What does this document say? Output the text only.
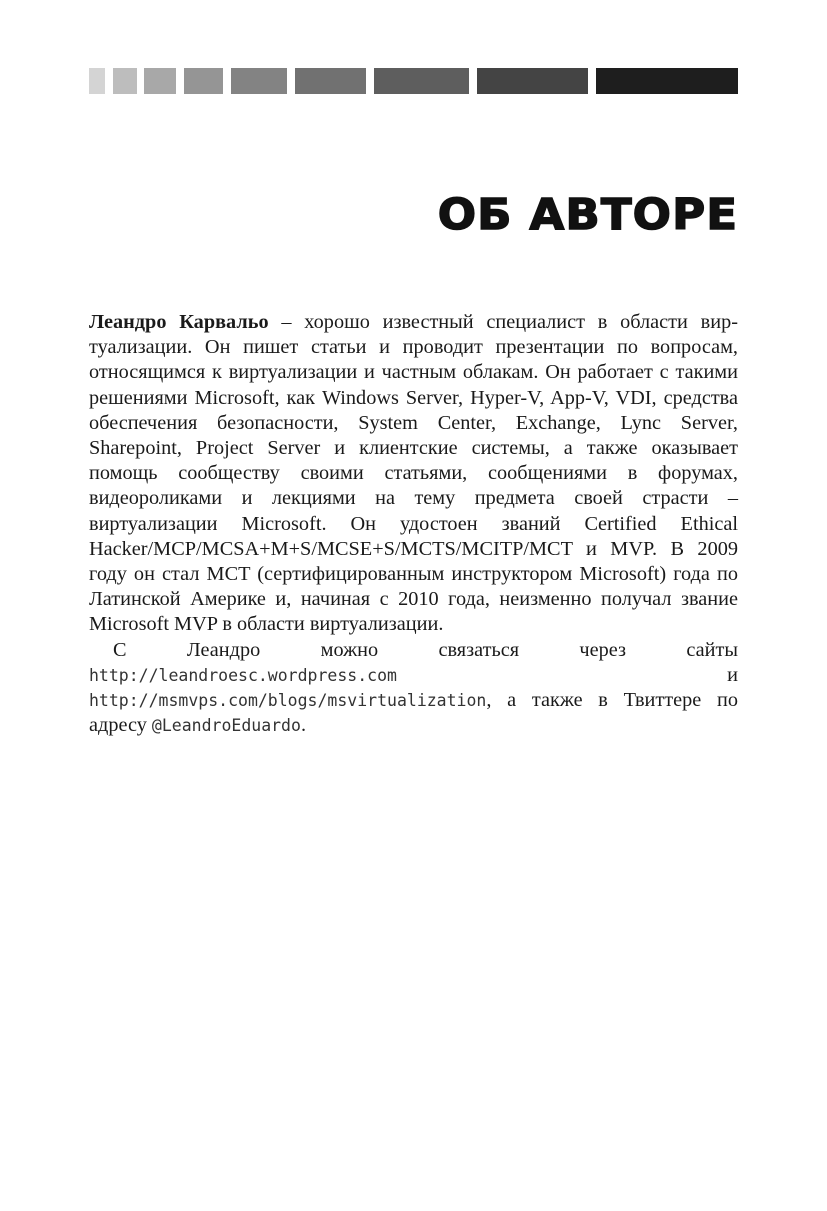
ОБ АВТОРЕ

Леандро Карвальо – хорошо известный специалист в области виртуализации. Он пишет статьи и проводит презентации по вопросам, относящимся к виртуализации и частным облакам. Он работает с такими решениями Microsoft, как Windows Server, Hyper-V, App-V, VDI, средства обеспечения безопасности, System Center, Exchange, Lync Server, Sharepoint, Project Server и клиентские системы, а также оказывает помощь сообществу своими статьями, сообщениями в форумах, видеороликами и лекциями на тему предмета своей страсти – виртуализации Microsoft. Он удостоен званий Certified Ethical Hacker/MCP/MCSA+M+S/MCSE+S/MCTS/MCITP/MCT и MVP. В 2009 году он стал MCT (сертифицированным инструктором Microsoft) года по Латинской Америке и, начиная с 2010 года, неизменно получал звание Microsoft MVP в области виртуализации.

С Леандро можно связаться через сайты http://leandroesc.wordpress.com и http://msmvps.com/blogs/msvirtualization, а также в Твиттере по адресу @LeandroEduardo.
